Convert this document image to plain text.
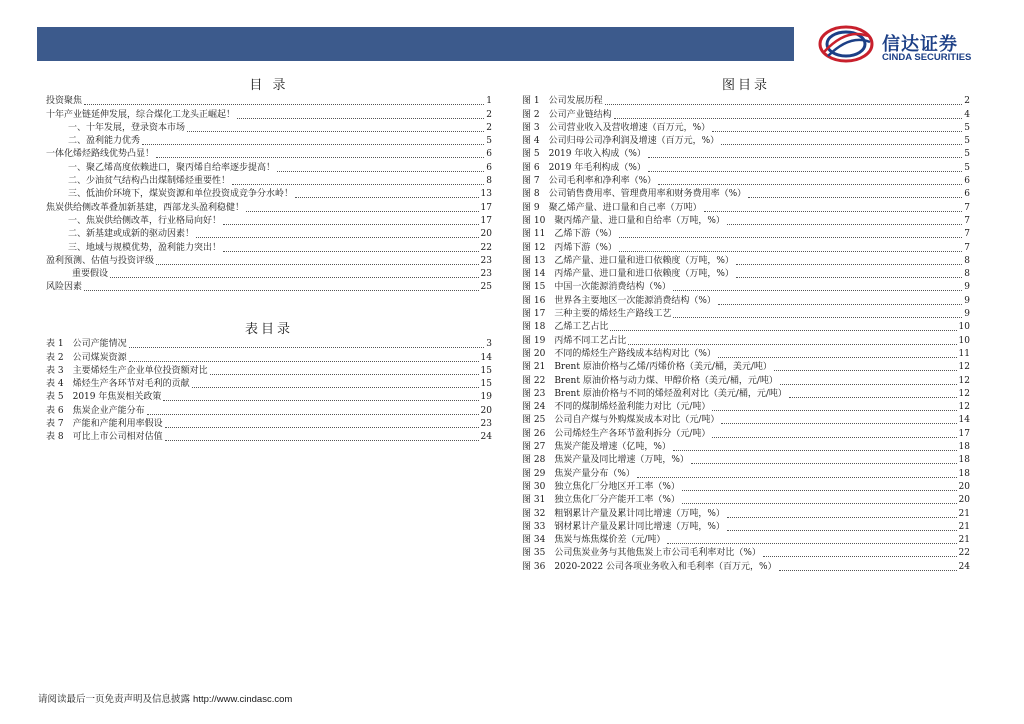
信达证券
CINDA SECURITIES
目 录
投资聚焦	1
十年产业链延伸发展，综合煤化工龙头正崛起！	2
一、十年发展，登录资本市场	2
二、盈利能力优秀	5
一体化烯烃路线优势凸显！	6
一、聚乙烯高度依赖进口，聚丙烯自给率逐步提高！	6
二、少油贫气结构凸出煤制烯烃重要性！	8
三、低油价环境下，煤炭资源和单位投资成竞争分水岭！	13
焦炭供给侧改革叠加新基建，西部龙头盈利稳健！	17
一、焦炭供给侧改革，行业格局向好！	17
二、新基建或成新的驱动因素！	20
三、地域与规模优势，盈利能力突出！	22
盈利预测、估值与投资评级	23
重要假设	23
风险因素	25
表目录
表 1　公司产能情况	3
表 2　公司煤炭资源	14
表 3　主要烯烃生产企业单位投资额对比	15
表 4　烯烃生产各环节对毛利的贡献	15
表 5　2019 年焦炭相关政策	19
表 6　焦炭企业产能分布	20
表 7　产能和产能利用率假设	23
表 8　可比上市公司相对估值	24
图目录
图 1　公司发展历程	2
图 2　公司产业链结构	4
图 3　公司营业收入及营收增速（百万元，%）	5
图 4　公司归母公司净利润及增速（百万元，%）	5
图 5　2019 年收入构成（%）	5
图 6　2019 年毛利构成（%）	5
图 7　公司毛利率和净利率（%）	6
图 8　公司销售费用率、管理费用率和财务费用率（%）	6
图 9　聚乙烯产量、进口量和自己率（万吨）	7
图 10　聚丙烯产量、进口量和自给率（万吨，%）	7
图 11　乙烯下游（%）	7
图 12　丙烯下游（%）	7
图 13　乙烯产量、进口量和进口依赖度（万吨，%）	8
图 14　丙烯产量、进口量和进口依赖度（万吨，%）	8
图 15　中国一次能源消费结构（%）	9
图 16　世界各主要地区一次能源消费结构（%）	9
图 17　三种主要的烯烃生产路线工艺	9
图 18　乙烯工艺占比	10
图 19　丙烯不同工艺占比	10
图 20　不同的烯烃生产路线成本结构对比（%）	11
图 21　Brent 原油价格与乙烯/丙烯价格（美元/桶，美元/吨）	12
图 22　Brent 原油价格与动力煤、甲醇价格（美元/桶，元/吨）	12
图 23　Brent 原油价格与不同的烯烃盈利对比（美元/桶，元/吨）	12
图 24　不同的煤制烯烃盈利能力对比（元/吨）	12
图 25　公司自产煤与外购煤炭成本对比（元/吨）	14
图 26　公司烯烃生产各环节盈利拆分（元/吨）	17
图 27　焦炭产能及增速（亿吨，%）	18
图 28　焦炭产量及同比增速（万吨，%）	18
图 29　焦炭产量分布（%）	18
图 30　独立焦化厂分地区开工率（%）	20
图 31　独立焦化厂分产能开工率（%）	20
图 32　粗钢累计产量及累计同比增速（万吨，%）	21
图 33　钢材累计产量及累计同比增速（万吨，%）	21
图 34　焦炭与炼焦煤价差（元/吨）	21
图 35　公司焦炭业务与其他焦炭上市公司毛利率对比（%）	22
图 36　2020-2022 公司各项业务收入和毛利率（百万元，%）	24
请阅读最后一页免责声明及信息披露 http://www.cindasc.com
